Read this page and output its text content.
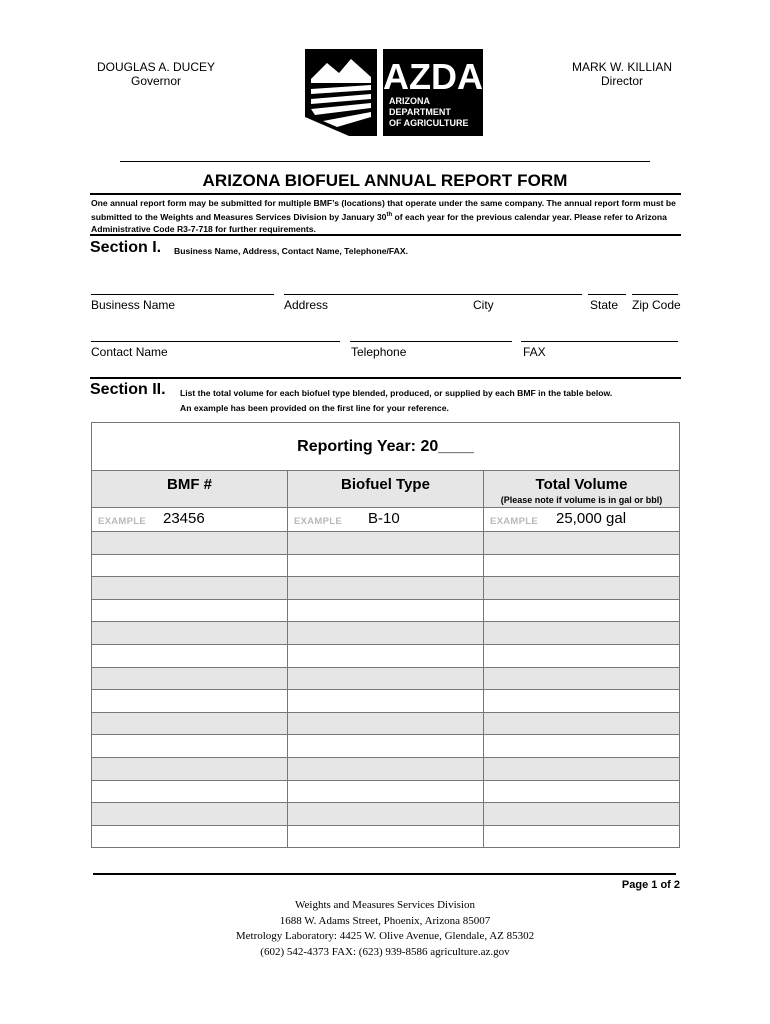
DOUGLAS A. DUCEY
Governor
MARK W. KILLIAN
Director
AZDA
ARIZONA
DEPARTMENT
OF AGRICULTURE
ARIZONA BIOFUEL ANNUAL REPORT FORM
One annual report form may be submitted for multiple BMF’s (locations) that operate under the same company. The annual report form must be submitted to the Weights and Measures Services Division by January 30th of each year for the previous calendar year. Please refer to Arizona Administrative Code R3-7-718 for further requirements.
Section I. Business Name, Address, Contact Name, Telephone/FAX.
Business Name	Address	City	State Zip Code
Contact Name	Telephone	FAX
Section II. List the total volume for each biofuel type blended, produced, or supplied by each BMF in the table below.
An example has been provided on the first line for your reference.
Reporting Year: 20____		

BMF #	Biofuel Type	Total Volume
(Please note if volume is in gal or bbl)

EXAMPLE 23456	EXAMPLE B-10	EXAMPLE 25,000 gal

Page 1 of 2
Weights and Measures Services Division
1688 W. Adams Street, Phoenix, Arizona 85007
Metrology Laboratory: 4425 W. Olive Avenue, Glendale, AZ 85302
(602) 542-4373 FAX: (623) 939-8586 agriculture.az.gov
